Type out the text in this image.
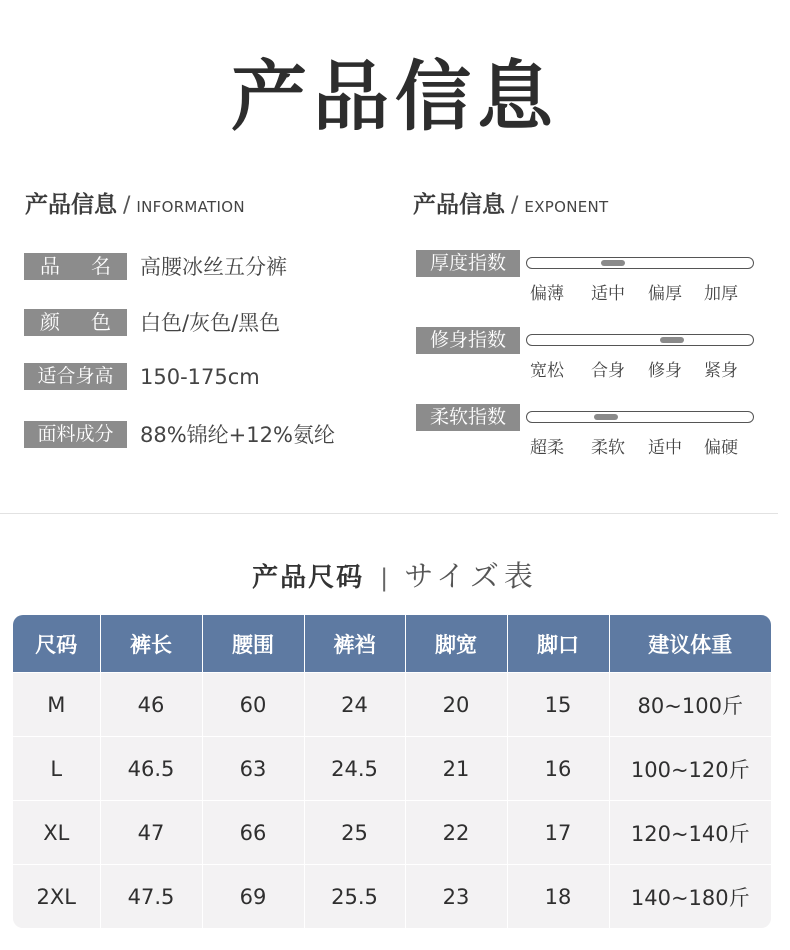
产品信息
产品信息 / INFORMATION
品 名 高腰冰丝五分裤
颜 色 白色/灰色/黑色
适合身高 150-175cm
面料成分 88%锦纶+12%氨纶
产品信息 / EXPONENT
厚度指数
偏薄 适中 偏厚 加厚
修身指数
宽松 合身 修身 紧身
柔软指数
超柔 柔软 适中 偏硬
产品尺码 | サイズ表
尺码	裤长	腰围	裤裆	脚宽	脚口	建议体重
M	46	60	24	20	15	80~100斤
L	46.5	63	24.5	21	16	100~120斤
XL	47	66	25	22	17	120~140斤
2XL	47.5	69	25.5	23	18	140~180斤
